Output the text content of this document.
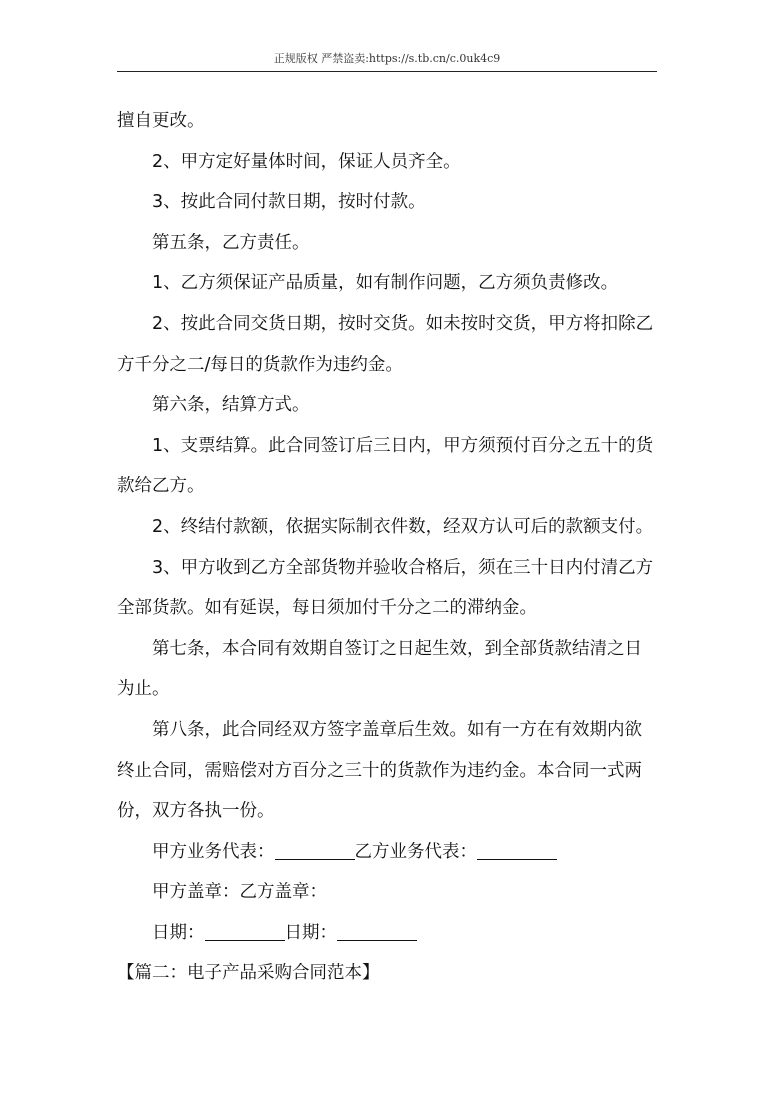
正规版权 严禁盗卖:https://s.tb.cn/c.0uk4c9

擅自更改。

2、甲方定好量体时间，保证人员齐全。

3、按此合同付款日期，按时付款。

第五条，乙方责任。

1、乙方须保证产品质量，如有制作问题，乙方须负责修改。

2、按此合同交货日期，按时交货。如未按时交货，甲方将扣除乙方千分之二/每日的货款作为违约金。

第六条，结算方式。

1、支票结算。此合同签订后三日内，甲方须预付百分之五十的货款给乙方。

2、终结付款额，依据实际制衣件数，经双方认可后的款额支付。

3、甲方收到乙方全部货物并验收合格后，须在三十日内付清乙方全部货款。如有延误，每日须加付千分之二的滞纳金。

第七条，本合同有效期自签订之日起生效，到全部货款结清之日为止。

第八条，此合同经双方签字盖章后生效。如有一方在有效期内欲终止合同，需赔偿对方百分之三十的货款作为违约金。本合同一式两份，双方各执一份。

甲方业务代表：	乙方业务代表：

甲方盖章：乙方盖章：

日期：	日期：

【篇二：电子产品采购合同范本】
